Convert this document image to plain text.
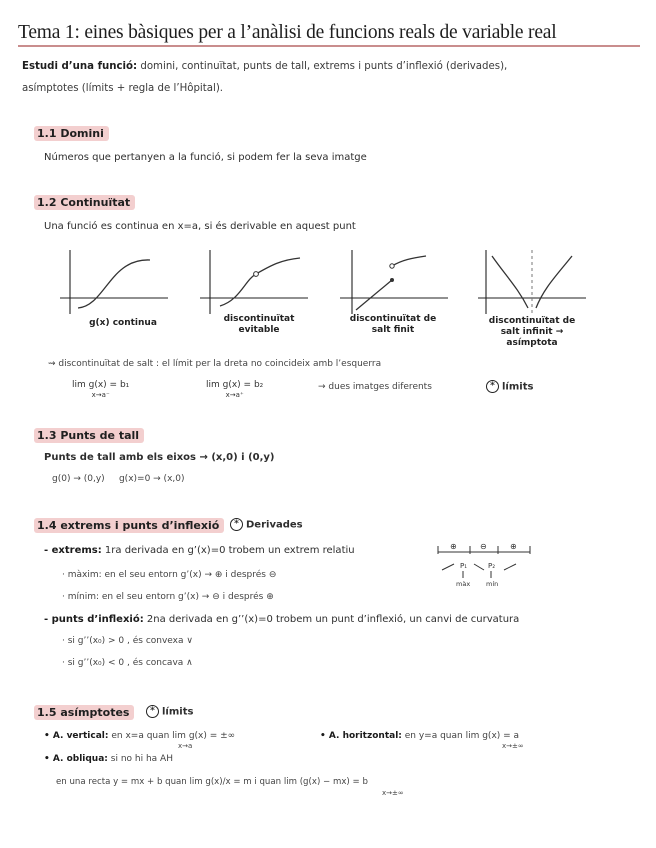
Tema 1: eines bàsiques per a l’anàlisi de funcions reals de variable real
Estudi d’una funció: domini, continuïtat, punts de tall, extrems i punts d’inflexió (derivades),
asímptotes (límits + regla de l’Hôpital).
1.1 Domini
Números que pertanyen a la funció, si podem fer la seva imatge
1.2 Continuïtat
Una funció es continua en x=a, si és derivable en aquest punt
g(x) continua	discontinuïtat evitable
discontinuïtat de salt finit
discontinuïtat de salt infinit → asímptota
⇝ discontinuïtat de salt : el límit per la dreta no coincideix amb l’esquerra
lim g(x) = b₁
x→a⁻
lim g(x) = b₂
x→a⁺
→ dues imatges diferents	* límits
1.3 Punts de tall
Punts de tall amb els eixos → (x,0) i (0,y)
g(0) → (0,y)     g(x)=0 → (x,0)
1.4 extrems i punts d’inflexió	* Derivades
- extrems: 1ra derivada en g’(x)=0 trobem un extrem relatiu
· màxim: en el seu entorn g’(x) → ⊕ i després ⊖
· mínim: en el seu entorn g’(x) → ⊖ i després ⊕
⊕	⊖	⊕
P₁	P₂
màx mín
- punts d’inflexió: 2na derivada en g’’(x)=0 trobem un punt d’inflexió, un canvi de curvatura
· si g’’(x₀) > 0 , és convexa ∨
· si g’’(x₀) < 0 , és concava ∧
1.5 asímptotes	* límits
• A. vertical: en x=a quan lim g(x) = ±∞
x→a
• A. horitzontal: en y=a quan lim g(x) = a
x→±∞
• A. obliqua: si no hi ha AH
en una recta y = mx + b quan lim g(x)/x = m i quan lim (g(x) − mx) = b
x→±∞
